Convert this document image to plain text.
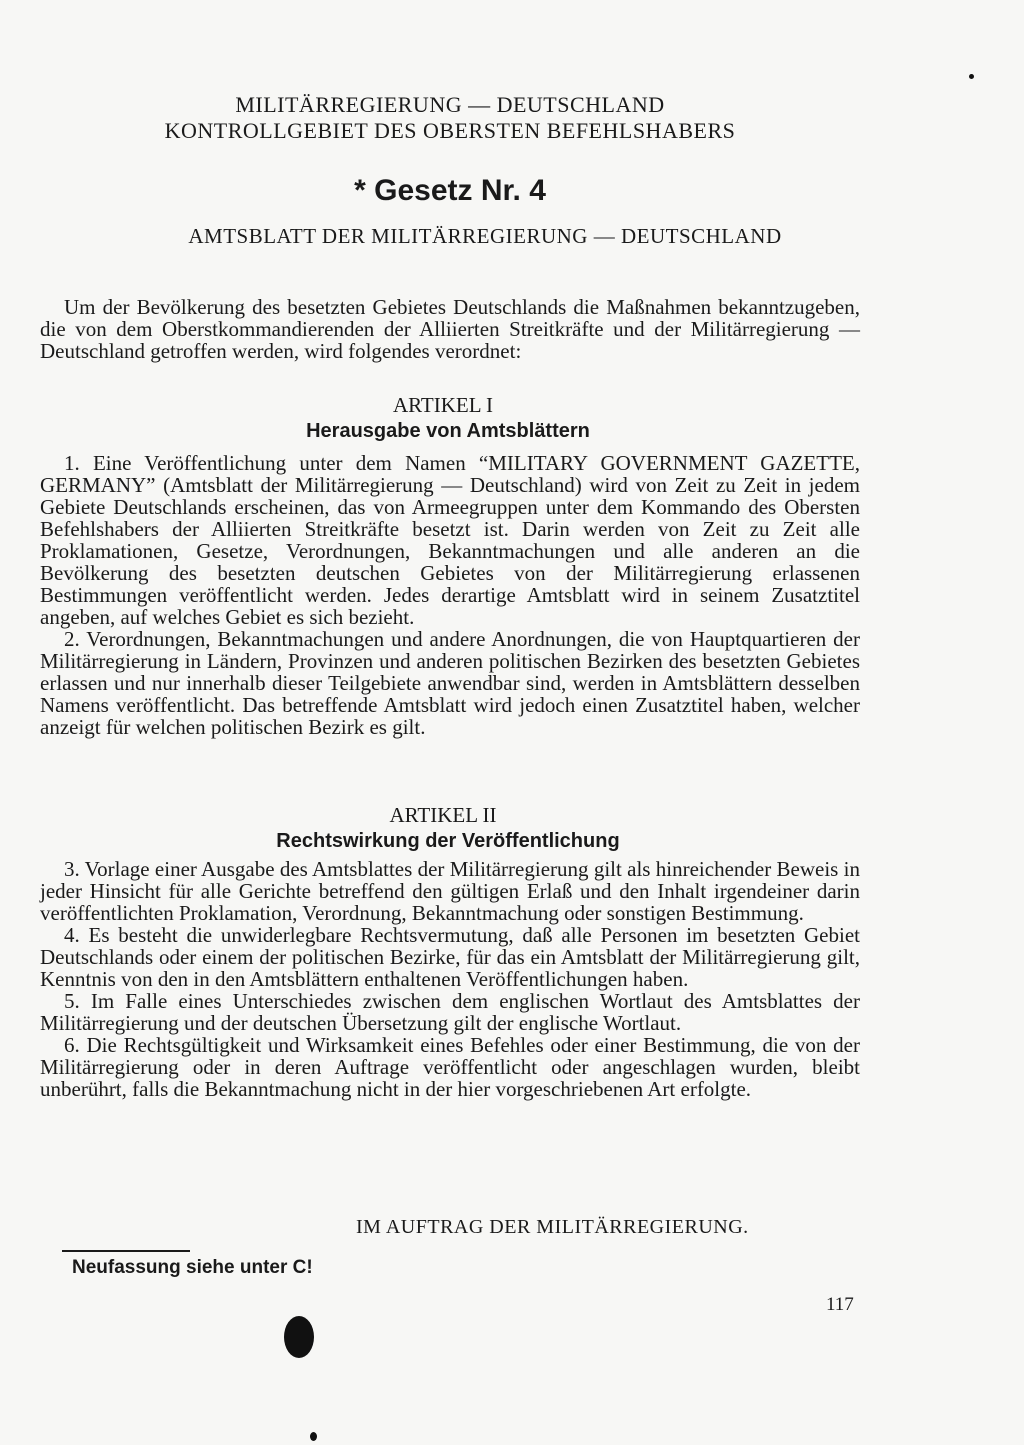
MILITÄRREGIERUNG — DEUTSCHLAND
KONTROLLGEBIET DES OBERSTEN BEFEHLSHABERS
* Gesetz Nr. 4
AMTSBLATT DER MILITÄRREGIERUNG — DEUTSCHLAND

Um der Bevölkerung des besetzten Gebietes Deutschlands die Maßnahmen bekanntzugeben, die von dem Oberstkommandierenden der Alliierten Streitkräfte und der Militärregierung — Deutschland getroffen werden, wird folgendes verordnet:

ARTIKEL I
Herausgabe von Amtsblättern

1. Eine Veröffentlichung unter dem Namen “MILITARY GOVERNMENT GAZETTE, GERMANY” (Amtsblatt der Militärregierung — Deutschland) wird von Zeit zu Zeit in jedem Gebiete Deutschlands erscheinen, das von Armeegruppen unter dem Kommando des Obersten Befehlshabers der Alliierten Streitkräfte besetzt ist. Darin werden von Zeit zu Zeit alle Proklamationen, Gesetze, Verordnungen, Bekanntmachungen und alle anderen an die Bevölkerung des besetzten deutschen Gebietes von der Militärregierung erlassenen Bestimmungen veröffentlicht werden. Jedes derartige Amtsblatt wird in seinem Zusatztitel angeben, auf welches Gebiet es sich bezieht.

2. Verordnungen, Bekanntmachungen und andere Anordnungen, die von Hauptquartieren der Militärregierung in Ländern, Provinzen und anderen politischen Bezirken des besetzten Gebietes erlassen und nur innerhalb dieser Teilgebiete anwendbar sind, werden in Amtsblättern desselben Namens veröffentlicht. Das betreffende Amtsblatt wird jedoch einen Zusatztitel haben, welcher anzeigt für welchen politischen Bezirk es gilt.

ARTIKEL II
Rechtswirkung der Veröffentlichung

3. Vorlage einer Ausgabe des Amtsblattes der Militärregierung gilt als hinreichender Beweis in jeder Hinsicht für alle Gerichte betreffend den gültigen Erlaß und den Inhalt irgendeiner darin veröffentlichten Proklamation, Verordnung, Bekanntmachung oder sonstigen Bestimmung.

4. Es besteht die unwiderlegbare Rechtsvermutung, daß alle Personen im besetzten Gebiet Deutschlands oder einem der politischen Bezirke, für das ein Amtsblatt der Militärregierung gilt, Kenntnis von den in den Amtsblättern enthaltenen Veröffentlichungen haben.

5. Im Falle eines Unterschiedes zwischen dem englischen Wortlaut des Amtsblattes der Militärregierung und der deutschen Übersetzung gilt der englische Wortlaut.

6. Die Rechtsgültigkeit und Wirksamkeit eines Befehles oder einer Bestimmung, die von der Militärregierung oder in deren Auftrage veröffentlicht oder angeschlagen wurden, bleibt unberührt, falls die Bekanntmachung nicht in der hier vorgeschriebenen Art erfolgte.

IM AUFTRAG DER MILITÄRREGIERUNG.
Neufassung siehe unter C!
117
